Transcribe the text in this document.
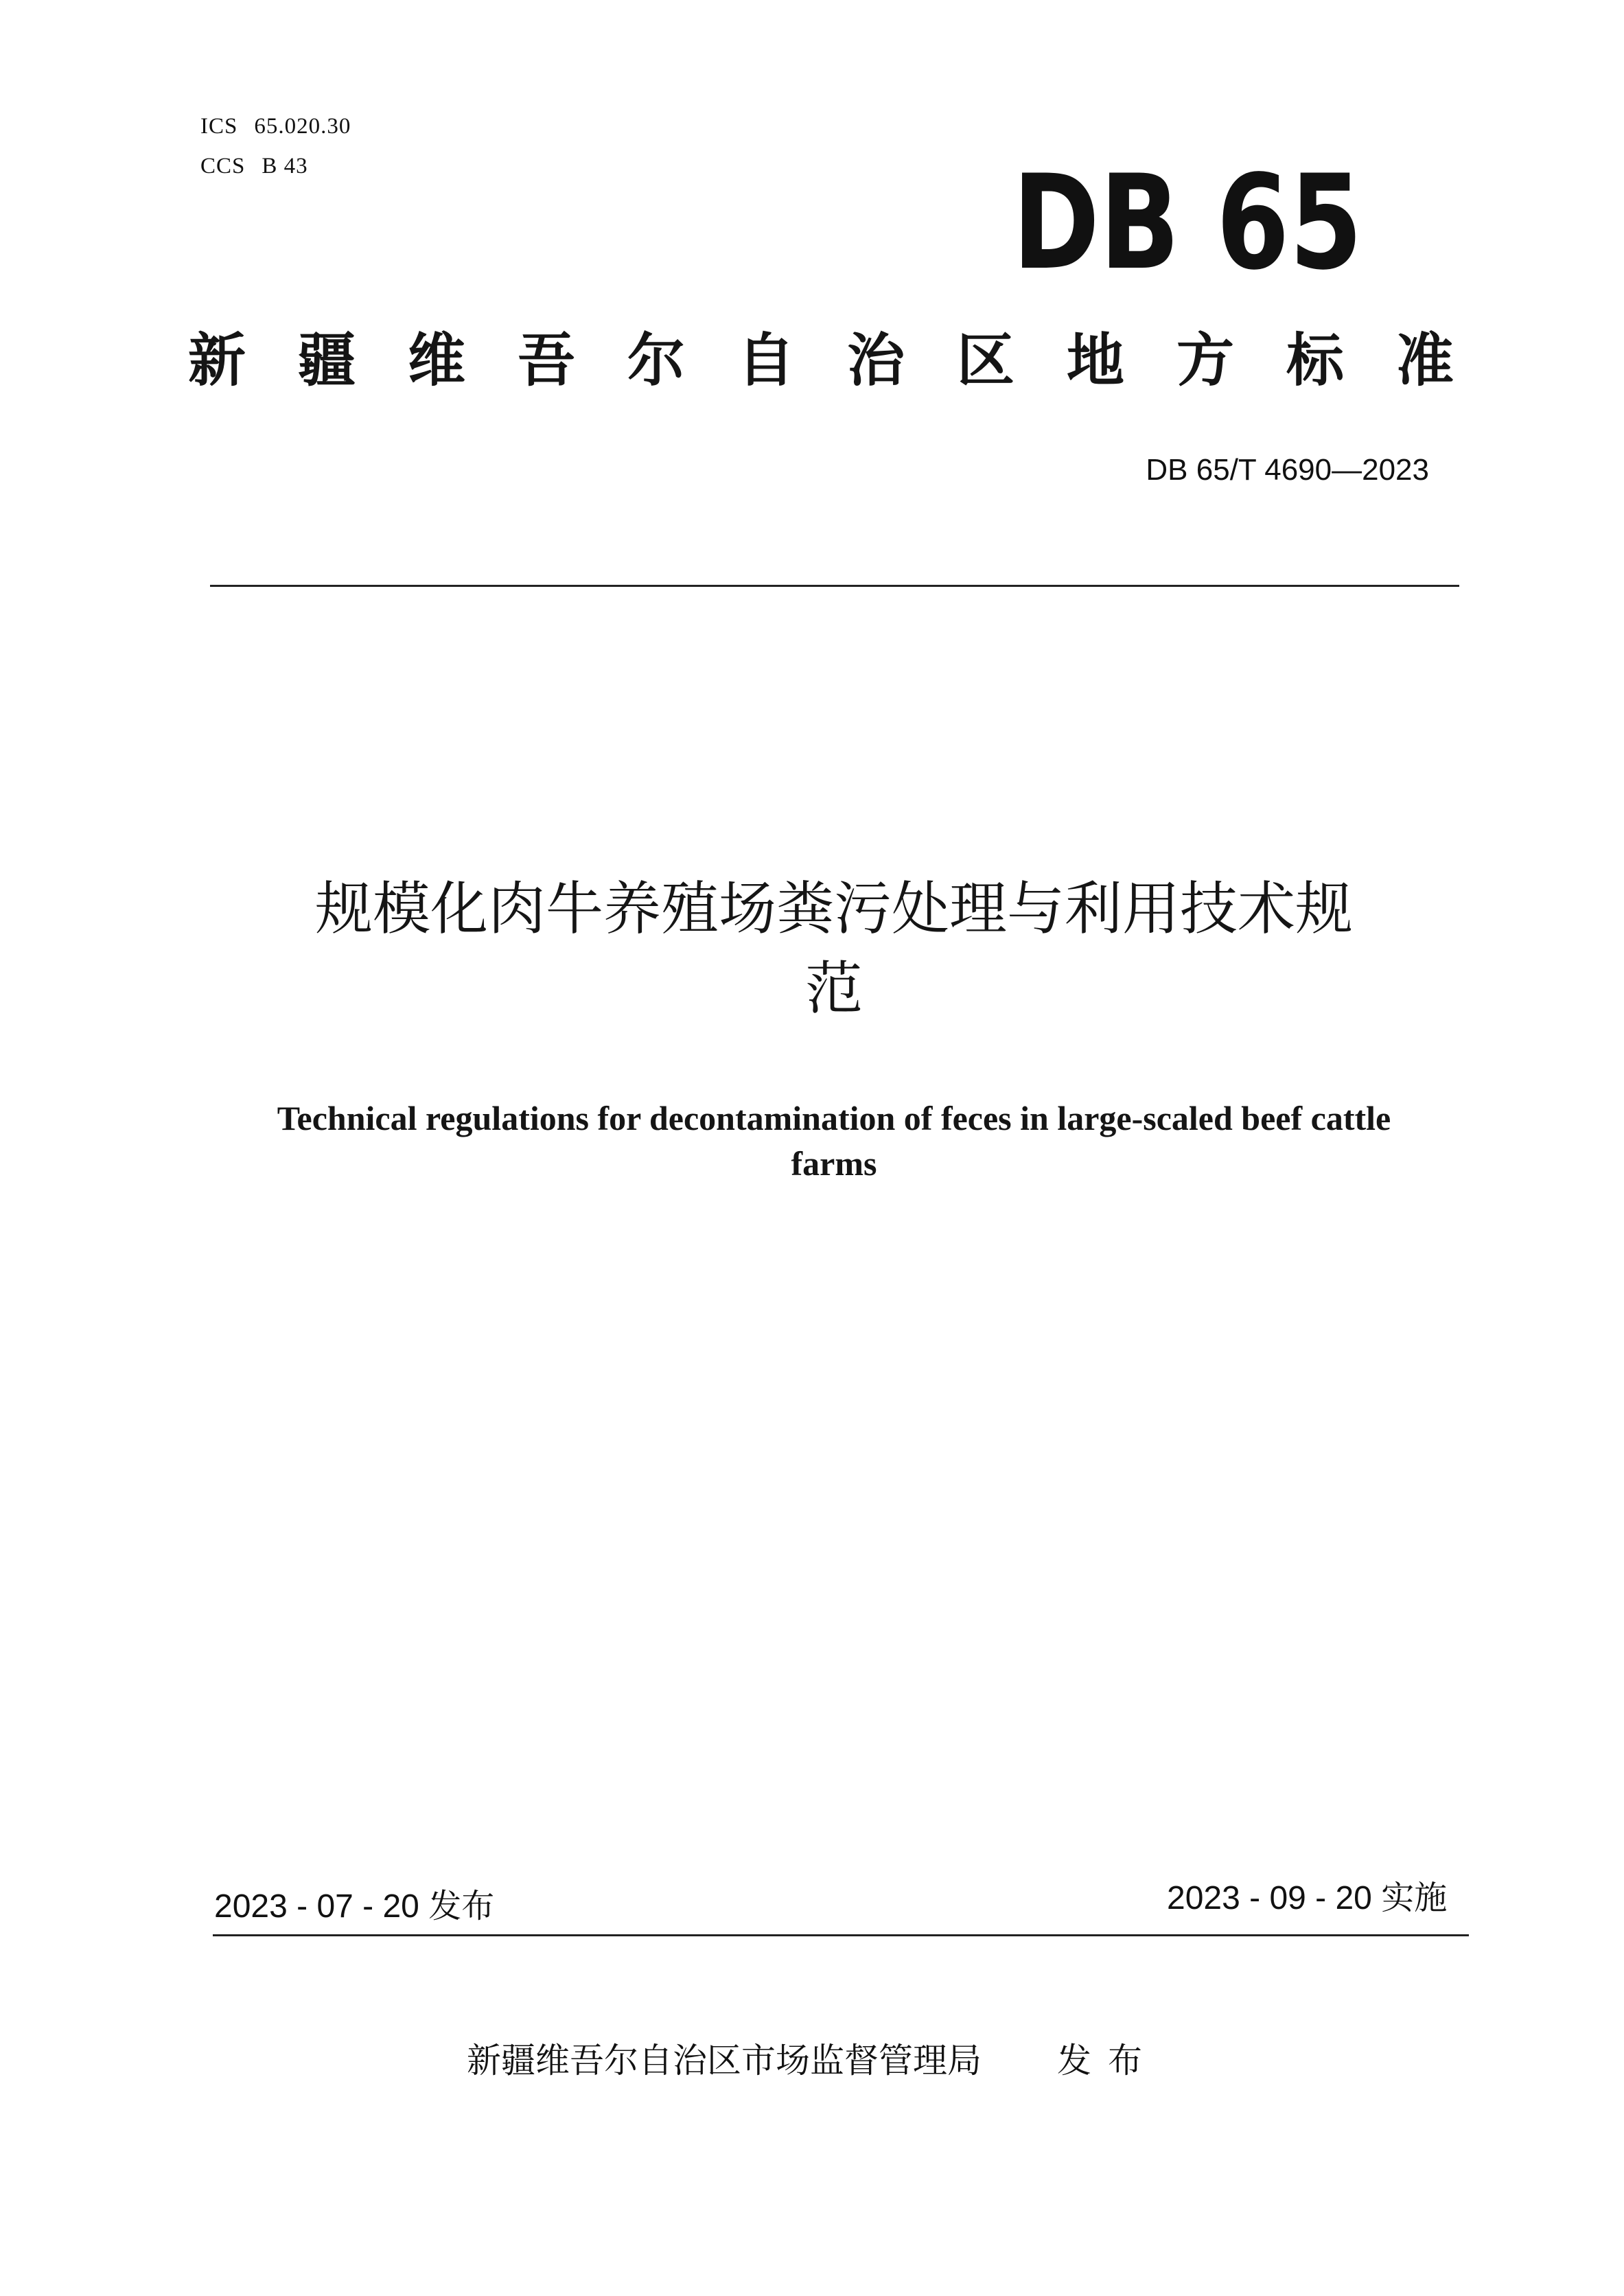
ICS 65.020.30
CCS B 43	DB 65
新疆维吾尔自治区地方标准
DB 65/T 4690—2023
规模化肉牛养殖场粪污处理与利用技术规
范
Technical regulations for decontamination of feces in large-scaled beef cattle
farms
2023 - 07 - 20 发布	2023 - 09 - 20 实施
新疆维吾尔自治区市场监督管理局 发布
